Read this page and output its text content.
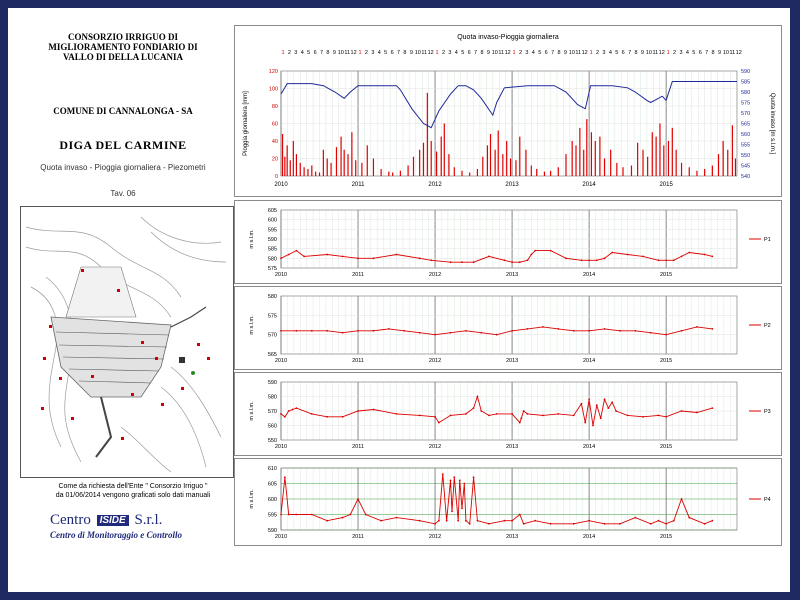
CONSORZIO IRRIGUO DI
MIGLIORAMENTO FONDIARIO DI
VALLO DI DELLA LUCANIA
COMUNE DI CANNALONGA - SA
DIGA DEL CARMINE
Quota invaso - Pioggia giornaliera - Piezometri
Tav. 06
Come da richiesta dell'Ente " Consorzio Irriguo "
da 01/06/2014 vengono graficati solo dati manuali
Centro ISIDE S.r.l.
Centro di Monitoraggio e Controllo
Quota invaso-Pioggia giornaliera
1 2 3 4 5 6 7 8 9 10 11 12 1 2 3 4 5 6 7 8 9 10 11 12 1 2 3 4 5 6 7 8 9 10 11 12 1 2 3 4 5 6 7 8 9 10 11 12 1 2 3 4 5 6 7 8 9 10 11 12 1 2 3 4 5 6 7 8 9 10 11 12
0
20
40
60
80
100
120
540
545
550
555
560
565
570
575
580
585
590
2010	2011	2012	2013	2014	2015
Pioggia giornaliera [mm]	Quota invaso [m s.l.m.]
575
580
585
590
595
600
605
2010	2011	2012	2013	2014	2015
m s.l.m.	P1
565
570
575
580
2010	2011	2012	2013	2014	2015
m s.l.m.	P2
550
560
570
580
590
2010	2011	2012	2013	2014	2015
m s.l.m.	P3
590
595
600
605
610
2010	2011	2012	2013	2014	2015
m s.l.m.	P4
